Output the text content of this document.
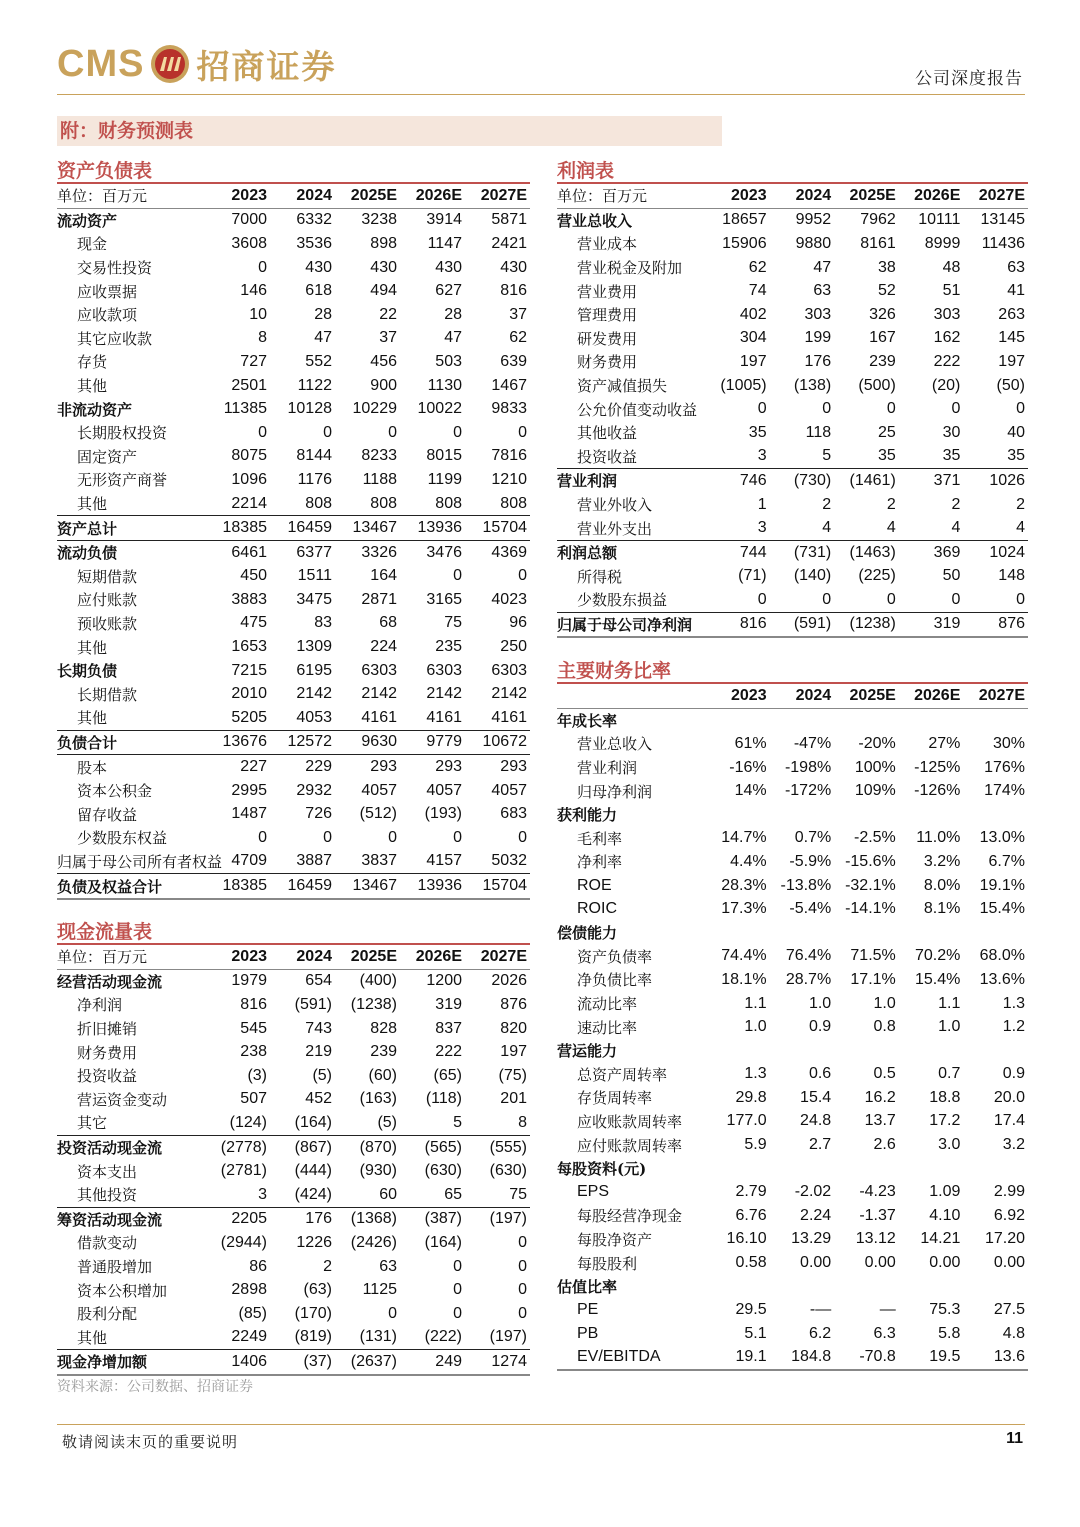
CMS 招商证券	公司深度报告
附：财务预测表
资产负债表	利润表
主要财务比率
现金流量表
单位：百万元	2023	2024	2025E	2026E	2027E
流动资产	7000	6332	3238	3914	5871
现金	3608	3536	898	1147	2421
交易性投资	0	430	430	430	430
应收票据	146	618	494	627	816
应收款项	10	28	22	28	37
其它应收款	8	47	37	47	62
存货	727	552	456	503	639
其他	2501	1122	900	1130	1467
非流动资产	11385	10128	10229	10022	9833
长期股权投资	0	0	0	0	0
固定资产	8075	8144	8233	8015	7816
无形资产商誉	1096	1176	1188	1199	1210
其他	2214	808	808	808	808
资产总计	18385	16459	13467	13936	15704
流动负债	6461	6377	3326	3476	4369
短期借款	450	1511	164	0	0
应付账款	3883	3475	2871	3165	4023
预收账款	475	83	68	75	96
其他	1653	1309	224	235	250
长期负债	7215	6195	6303	6303	6303
长期借款	2010	2142	2142	2142	2142
其他	5205	4053	4161	4161	4161
负债合计	13676	12572	9630	9779	10672
股本	227	229	293	293	293
资本公积金	2995	2932	4057	4057	4057
留存收益	1487	726	(512)	(193)	683
少数股东权益	0	0	0	0	0
归属于母公司所有者权益	4709	3887	3837	4157	5032
负债及权益合计	18385	16459	13467	13936	15704
单位：百万元	2023	2024	2025E	2026E	2027E
营业总收入	18657	9952	7962	10111	13145
营业成本	15906	9880	8161	8999	11436
营业税金及附加	62	47	38	48	63
营业费用	74	63	52	51	41
管理费用	402	303	326	303	263
研发费用	304	199	167	162	145
财务费用	197	176	239	222	197
资产减值损失	(1005)	(138)	(500)	(20)	(50)
公允价值变动收益	0	0	0	0	0
其他收益	35	118	25	30	40
投资收益	3	5	35	35	35
营业利润	746	(730)	(1461)	371	1026
营业外收入	1	2	2	2	2
营业外支出	3	4	4	4	4
利润总额	744	(731)	(1463)	369	1024
所得税	(71)	(140)	(225)	50	148
少数股东损益	0	0	0	0	0
归属于母公司净利润	816	(591)	(1238)	319	876
	2023	2024	2025E	2026E	2027E
年成长率					
营业总收入	61%	-47%	-20%	27%	30%
营业利润	-16%	-198%	100%	-125%	176%
归母净利润	14%	-172%	109%	-126%	174%
获利能力					
毛利率	14.7%	0.7%	-2.5%	11.0%	13.0%
净利率	4.4%	-5.9%	-15.6%	3.2%	6.7%
ROE	28.3%	-13.8%	-32.1%	8.0%	19.1%
ROIC	17.3%	-5.4%	-14.1%	8.1%	15.4%
偿债能力					
资产负债率	74.4%	76.4%	71.5%	70.2%	68.0%
净负债比率	18.1%	28.7%	17.1%	15.4%	13.6%
流动比率	1.1	1.0	1.0	1.1	1.3
速动比率	1.0	0.9	0.8	1.0	1.2
营运能力					
总资产周转率	1.3	0.6	0.5	0.7	0.9
存货周转率	29.8	15.4	16.2	18.8	20.0
应收账款周转率	177.0	24.8	13.7	17.2	17.4
应付账款周转率	5.9	2.7	2.6	3.0	3.2
每股资料(元)					
EPS	2.79	-2.02	-4.23	1.09	2.99
每股经营净现金	6.76	2.24	-1.37	4.10	6.92
每股净资产	16.10	13.29	13.12	14.21	17.20
每股股利	0.58	0.00	0.00	0.00	0.00
估值比率					
PE	29.5	-—	—	75.3	27.5
PB	5.1	6.2	6.3	5.8	4.8
EV/EBITDA	19.1	184.8	-70.8	19.5	13.6
单位：百万元	2023	2024	2025E	2026E	2027E
经营活动现金流	1979	654	(400)	1200	2026
净利润	816	(591)	(1238)	319	876
折旧摊销	545	743	828	837	820
财务费用	238	219	239	222	197
投资收益	(3)	(5)	(60)	(65)	(75)
营运资金变动	507	452	(163)	(118)	201
其它	(124)	(164)	(5)	5	8
投资活动现金流	(2778)	(867)	(870)	(565)	(555)
资本支出	(2781)	(444)	(930)	(630)	(630)
其他投资	3	(424)	60	65	75
筹资活动现金流	2205	176	(1368)	(387)	(197)
借款变动	(2944)	1226	(2426)	(164)	0
普通股增加	86	2	63	0	0
资本公积增加	2898	(63)	1125	0	0
股利分配	(85)	(170)	0	0	0
其他	2249	(819)	(131)	(222)	(197)
现金净增加额	1406	(37)	(2637)	249	1274
资料来源：公司数据、招商证券
敬请阅读末页的重要说明	11
